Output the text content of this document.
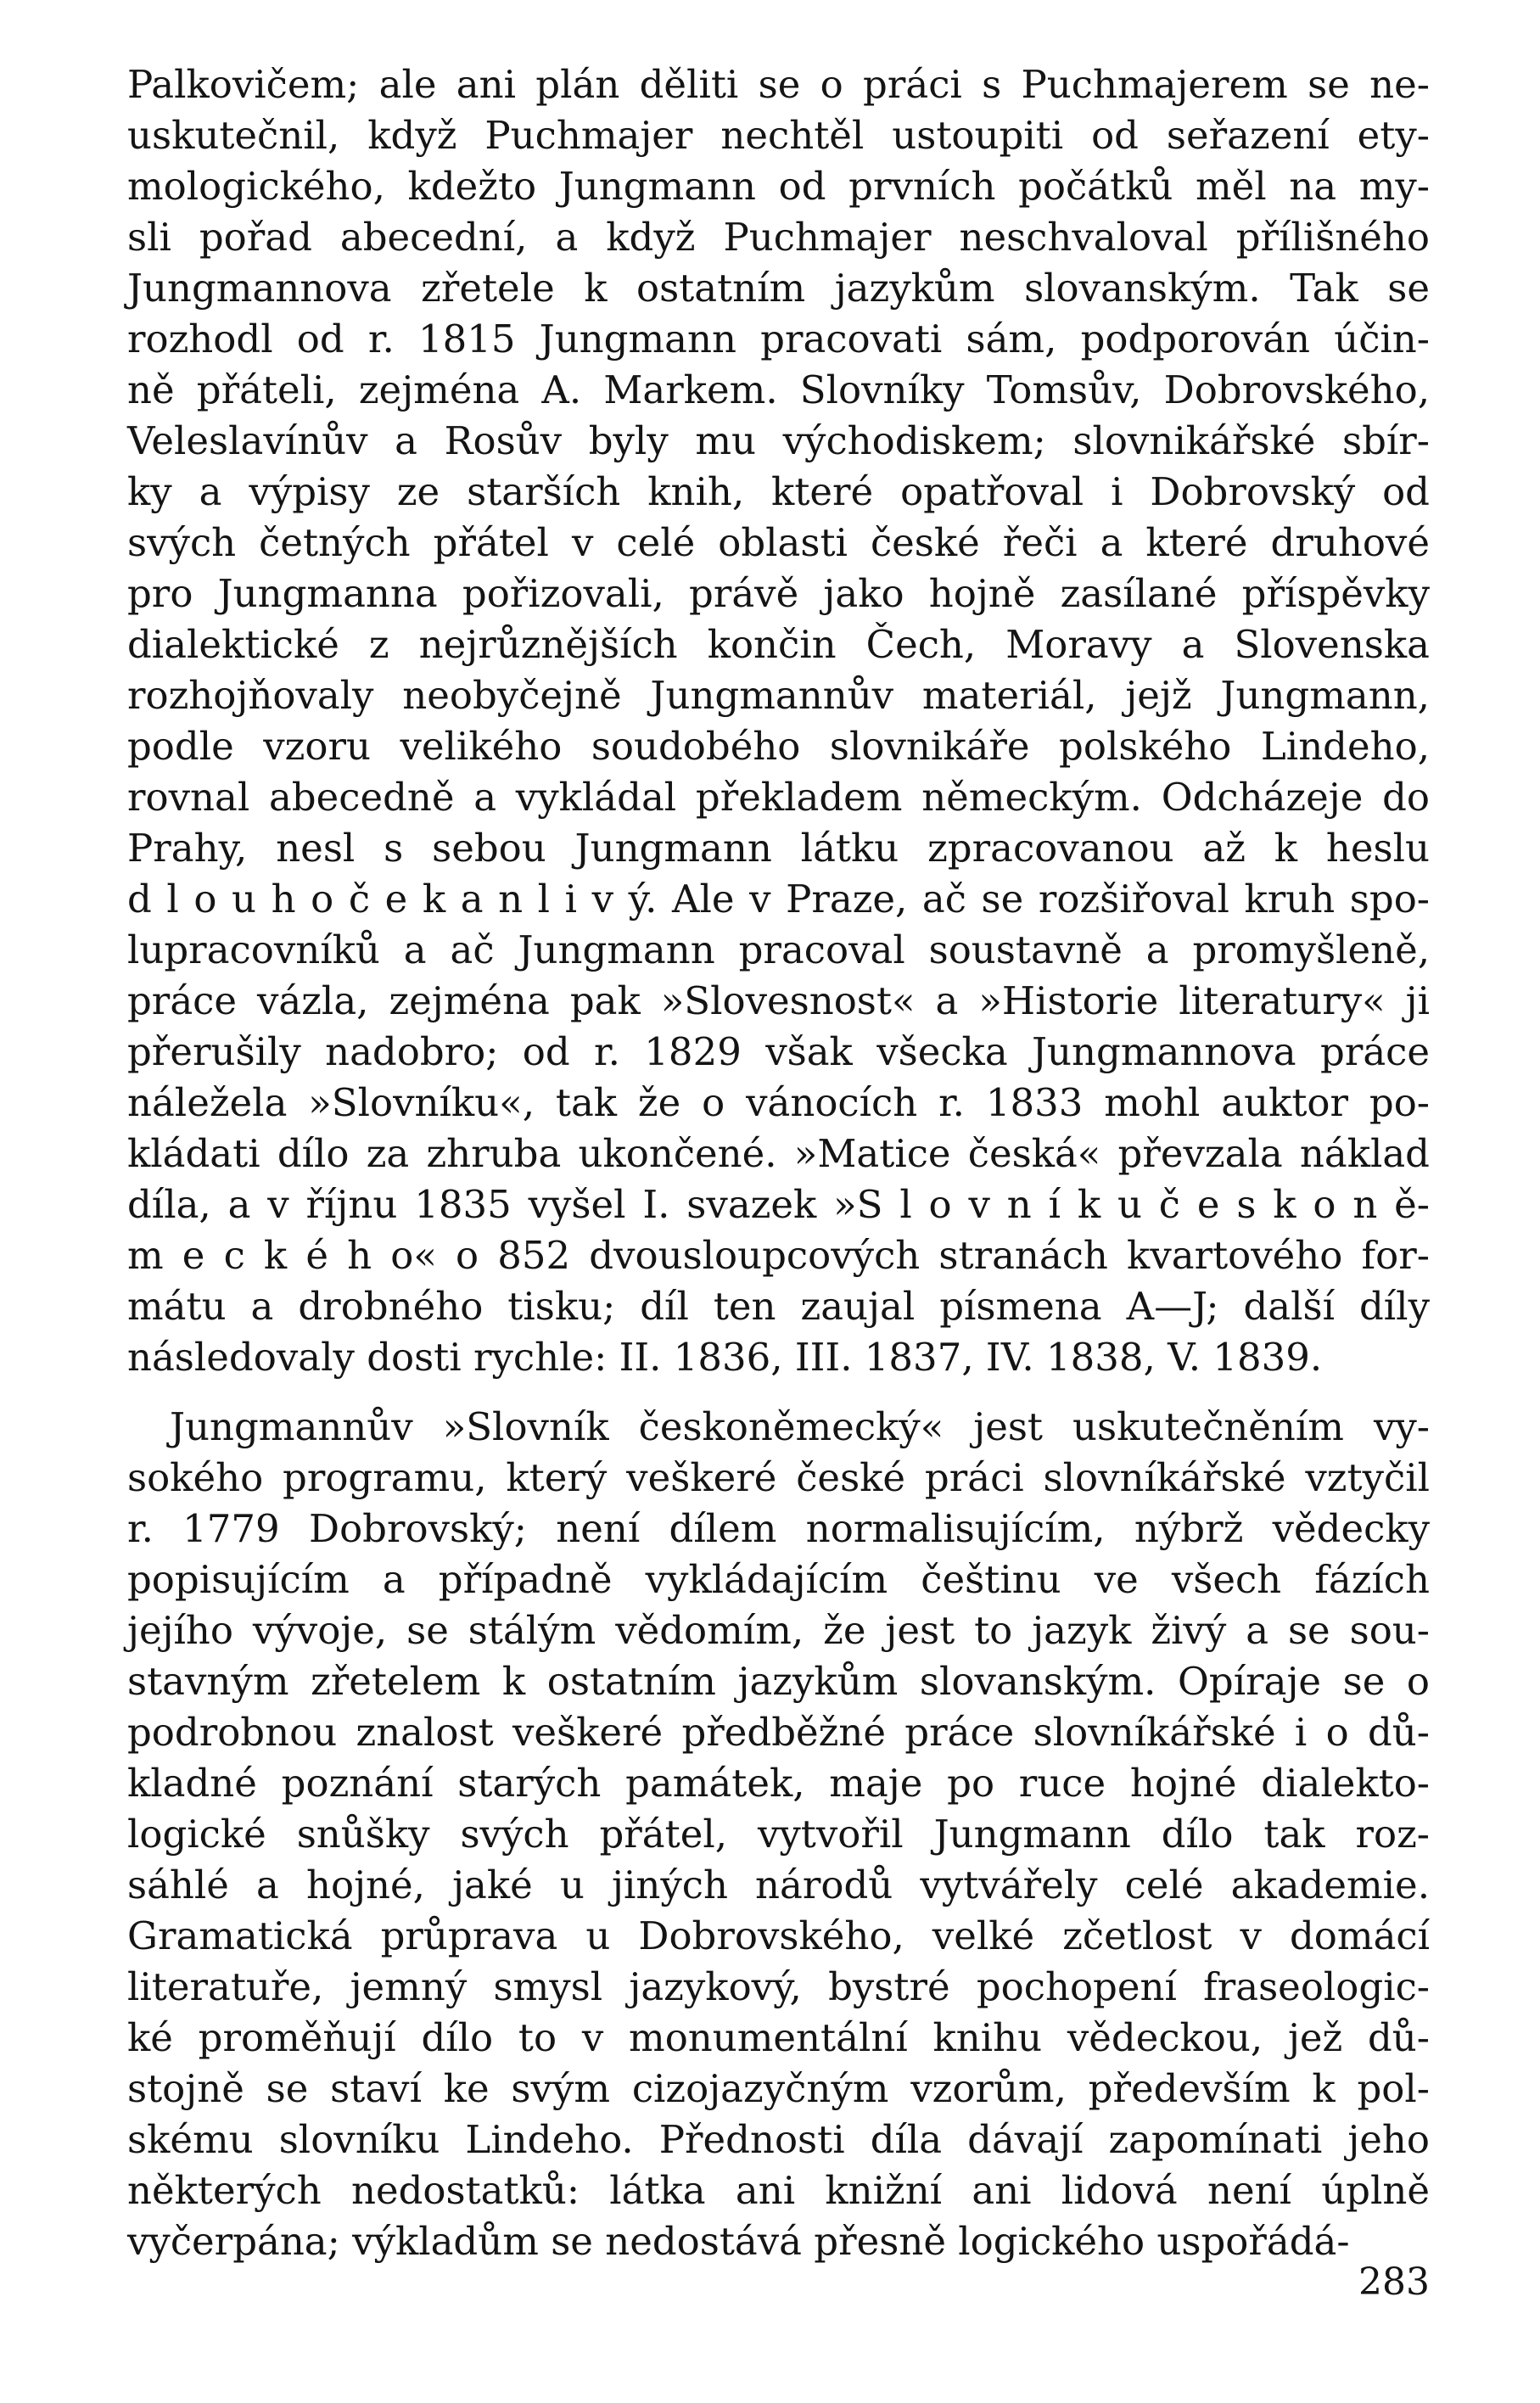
Palkovičem; ale ani plán děliti se o práci s Puchmajerem se ne-
uskutečnil, když Puchmajer nechtěl ustoupiti od seřazení ety-
mologického, kdežto Jungmann od prvních počátků měl na my-
sli pořad abecední, a když Puchmajer neschvaloval přílišného
Jungmannova zřetele k ostatním jazykům slovanským. Tak se
rozhodl od r. 1815 Jungmann pracovati sám, podporován účin-
ně přáteli, zejména A. Markem. Slovníky Tomsův, Dobrovského,
Veleslavínův a Rosův byly mu východiskem; slovnikářské sbír-
ky a výpisy ze starších knih, které opatřoval i Dobrovský od
svých četných přátel v celé oblasti české řeči a které druhové
pro Jungmanna pořizovali, právě jako hojně zasílané příspěvky
dialektické z nejrůznějších končin Čech, Moravy a Slovenska
rozhojňovaly neobyčejně Jungmannův materiál, jejž Jungmann,
podle vzoru velikého soudobého slovnikáře polského Lindeho,
rovnal abecedně a vykládal překladem německým. Odcházeje do
Prahy, nesl s sebou Jungmann látku zpracovanou až k heslu
d l o u h o č e k a n l i v ý. Ale v Praze, ač se rozšiřoval kruh spo-
lupracovníků a ač Jungmann pracoval soustavně a promyšleně,
práce vázla, zejména pak »Slovesnost« a »Historie literatury« ji
přerušily nadobro; od r. 1829 však všecka Jungmannova práce
náležela »Slovníku«, tak že o vánocích r. 1833 mohl auktor po-
kládati dílo za zhruba ukončené. »Matice česká« převzala náklad
díla, a v říjnu 1835 vyšel I. svazek »S l o v n í k u č e s k o n ě-
m e c k é h o« o 852 dvousloupcových stranách kvartového for-
mátu a drobného tisku; díl ten zaujal písmena A—J; další díly
následovaly dosti rychle: II. 1836, III. 1837, IV. 1838, V. 1839.
Jungmannův »Slovník českoněmecký« jest uskutečněním vy-
sokého programu, který veškeré české práci slovníkářské vztyčil
r. 1779 Dobrovský; není dílem normalisujícím, nýbrž vědecky
popisujícím a případně vykládajícím češtinu ve všech fázích
jejího vývoje, se stálým vědomím, že jest to jazyk živý a se sou-
stavným zřetelem k ostatním jazykům slovanským. Opíraje se o
podrobnou znalost veškeré předběžné práce slovníkářské i o dů-
kladné poznání starých památek, maje po ruce hojné dialekto-
logické snůšky svých přátel, vytvořil Jungmann dílo tak roz-
sáhlé a hojné, jaké u jiných národů vytvářely celé akademie.
Gramatická průprava u Dobrovského, velké zčetlost v domácí
literatuře, jemný smysl jazykový, bystré pochopení fraseologic-
ké proměňují dílo to v monumentální knihu vědeckou, jež dů-
stojně se staví ke svým cizojazyčným vzorům, především k pol-
skému slovníku Lindeho. Přednosti díla dávají zapomínati jeho
některých nedostatků: látka ani knižní ani lidová není úplně
vyčerpána; výkladům se nedostává přesně logického uspořádá-
283
